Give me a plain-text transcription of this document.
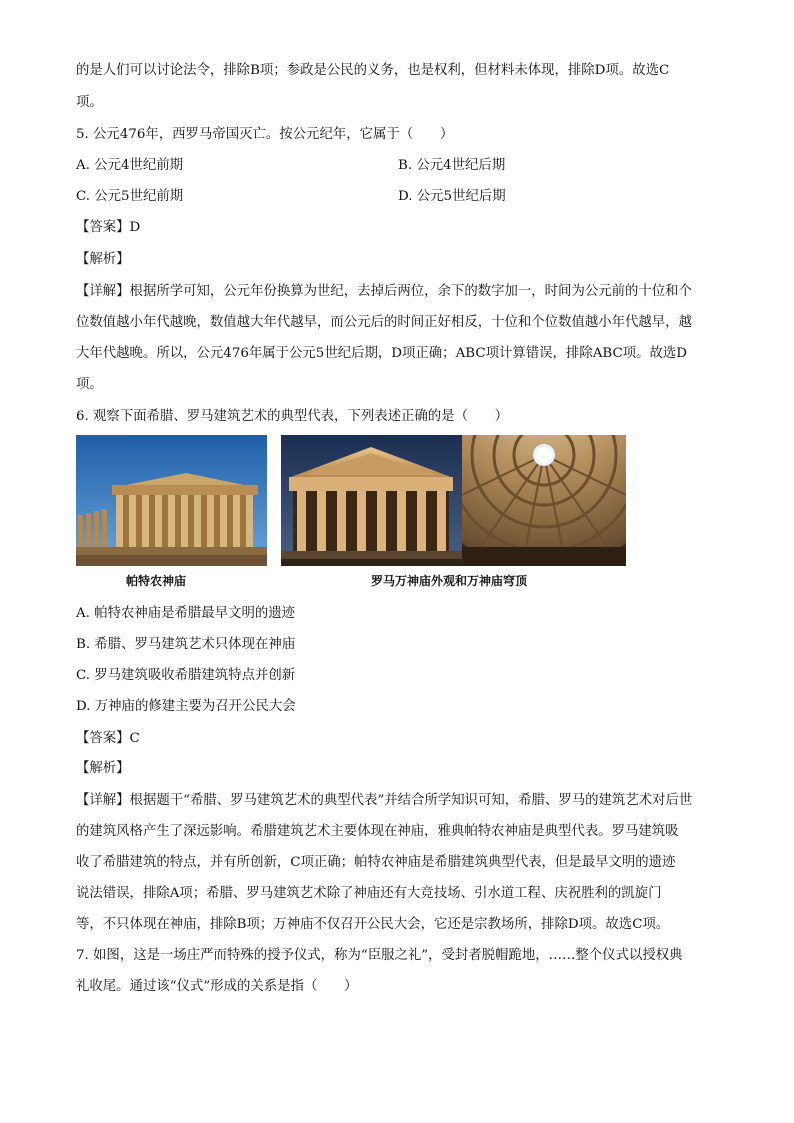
的是人们可以讨论法令，排除B项；参政是公民的义务，也是权利，但材料未体现，排除D项。故选C
项。
5. 公元476年，西罗马帝国灭亡。按公元纪年，它属于（　　）
A. 公元4世纪前期	B. 公元4世纪后期
C. 公元5世纪前期	D. 公元5世纪后期
【答案】D
【解析】
【详解】根据所学可知，公元年份换算为世纪，去掉后两位，余下的数字加一，时间为公元前的十位和个
位数值越小年代越晚，数值越大年代越早，而公元后的时间正好相反，十位和个位数值越小年代越早，越
大年代越晚。所以，公元476年属于公元5世纪后期，D项正确；ABC项计算错误，排除ABC项。故选D
项。
6. 观察下面希腊、罗马建筑艺术的典型代表，下列表述正确的是（　　）
帕特农神庙	罗马万神庙外观和万神庙穹顶
A. 帕特农神庙是希腊最早文明的遗迹
B. 希腊、罗马建筑艺术只体现在神庙
C. 罗马建筑吸收希腊建筑特点并创新
D. 万神庙的修建主要为召开公民大会
【答案】C
【解析】
【详解】根据题干“希腊、罗马建筑艺术的典型代表”并结合所学知识可知，希腊、罗马的建筑艺术对后世
的建筑风格产生了深远影响。希腊建筑艺术主要体现在神庙，雅典帕特农神庙是典型代表。罗马建筑吸
收了希腊建筑的特点，并有所创新，C项正确；帕特农神庙是希腊建筑典型代表，但是最早文明的遗迹
说法错误，排除A项；希腊、罗马建筑艺术除了神庙还有大竞技场、引水道工程、庆祝胜利的凯旋门
等，不只体现在神庙，排除B项；万神庙不仅召开公民大会，它还是宗教场所，排除D项。故选C项。
7. 如图，这是一场庄严而特殊的授予仪式，称为“臣服之礼”，受封者脱帽跪地，……整个仪式以授权典
礼收尾。通过该“仪式”形成的关系是指（　　）
